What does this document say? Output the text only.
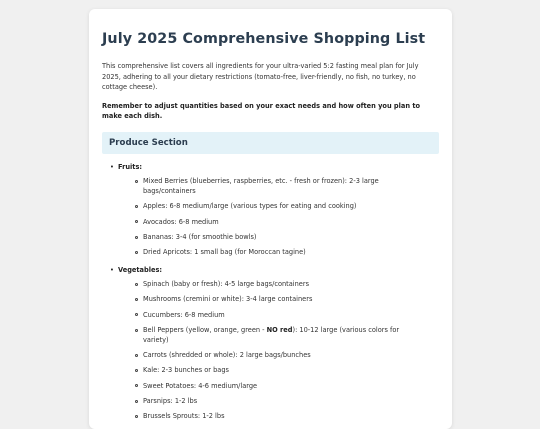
July 2025 Comprehensive Shopping List

This comprehensive list covers all ingredients for your ultra-varied 5:2 fasting meal plan for July 2025, adhering to all your dietary restrictions (tomato-free, liver-friendly, no fish, no turkey, no cottage cheese).

Remember to adjust quantities based on your exact needs and how often you plan to make each dish.

Produce Section
• Fruits:
Mixed Berries (blueberries, raspberries, etc. - fresh or frozen): 2-3 large bags/containers
Apples: 6-8 medium/large (various types for eating and cooking)
Avocados: 6-8 medium
Bananas: 3-4 (for smoothie bowls)
Dried Apricots: 1 small bag (for Moroccan tagine)
• Vegetables:
Spinach (baby or fresh): 4-5 large bags/containers
Mushrooms (cremini or white): 3-4 large containers
Cucumbers: 6-8 medium
Bell Peppers (yellow, orange, green - NO red): 10-12 large (various colors for variety)
Carrots (shredded or whole): 2 large bags/bunches
Kale: 2-3 bunches or bags
Sweet Potatoes: 4-6 medium/large
Parsnips: 1-2 lbs
Brussels Sprouts: 1-2 lbs
